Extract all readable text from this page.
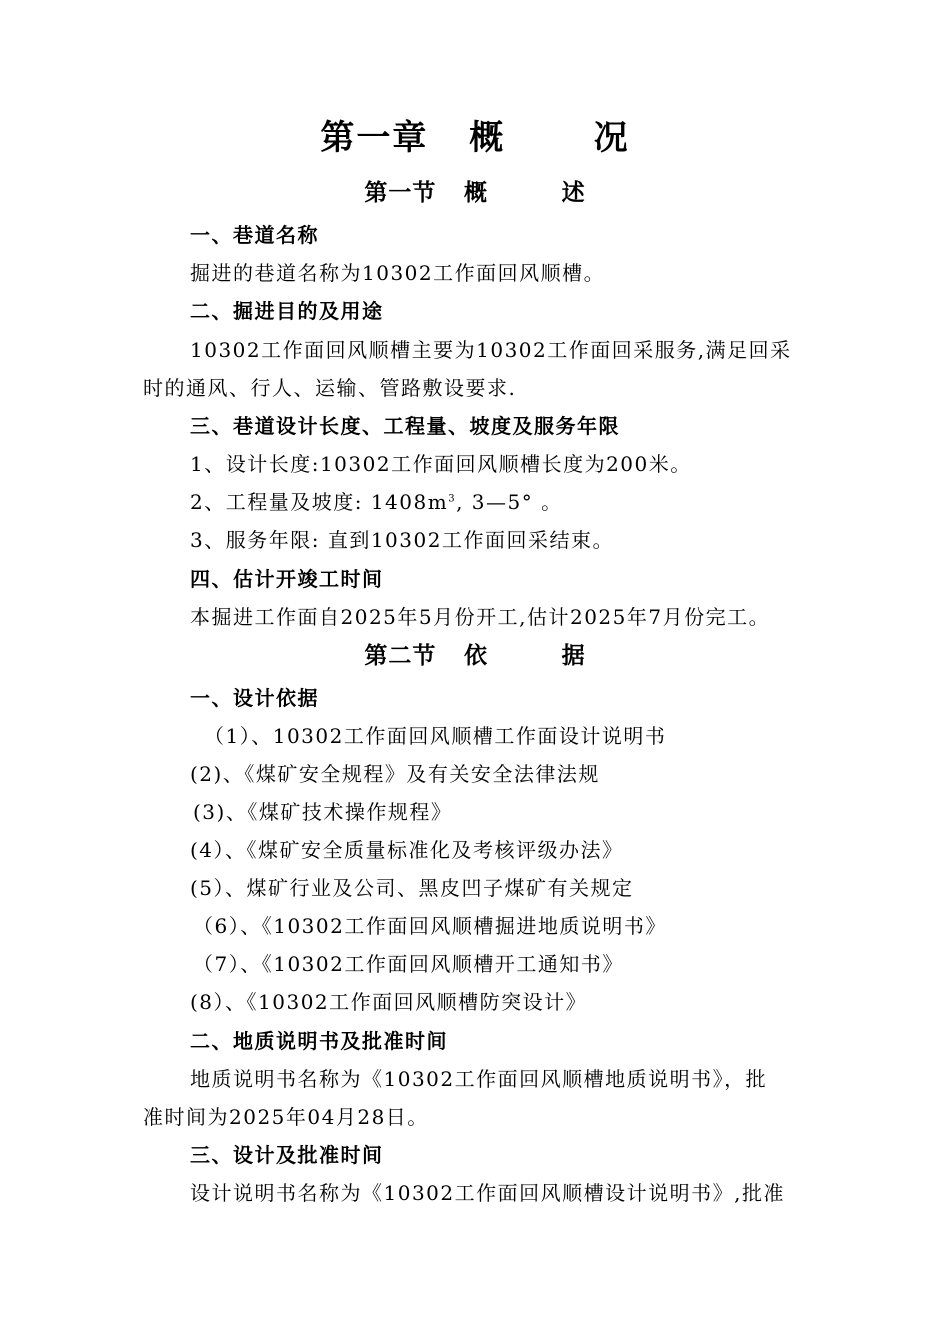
第一章 概	况
第一节 概	述
一、巷道名称
掘进的巷道名称为10302工作面回风顺槽。
二、掘进目的及用途
10302工作面回风顺槽主要为10302工作面回采服务,满足回采
时的通风、行人、运输、管路敷设要求.
三、巷道设计长度、工程量、坡度及服务年限
1、设计长度:10302工作面回风顺槽长度为200米。
2、工程量及坡度: $1408m^3$, 3—5° 。
3、服务年限: 直到10302工作面回采结束。
四、估计开竣工时间
本掘进工作面自2025年5月份开工,估计2025年7月份完工。
第二节 依	据
一、设计依据
（1）、10302工作面回风顺槽工作面设计说明书
(2)、《煤矿安全规程》及有关安全法律法规
(3)、《煤矿技术操作规程》
(4）、《煤矿安全质量标准化及考核评级办法》
(5）、煤矿行业及公司、黑皮凹子煤矿有关规定
（6）、《10302工作面回风顺槽掘进地质说明书》
（7）、《10302工作面回风顺槽开工通知书》
(8）、《10302工作面回风顺槽防突设计》
二、地质说明书及批准时间
地质说明书名称为《10302工作面回风顺槽地质说明书》，批
准时间为2025年04月28日。
三、设计及批准时间
设计说明书名称为《10302工作面回风顺槽设计说明书》,批准
